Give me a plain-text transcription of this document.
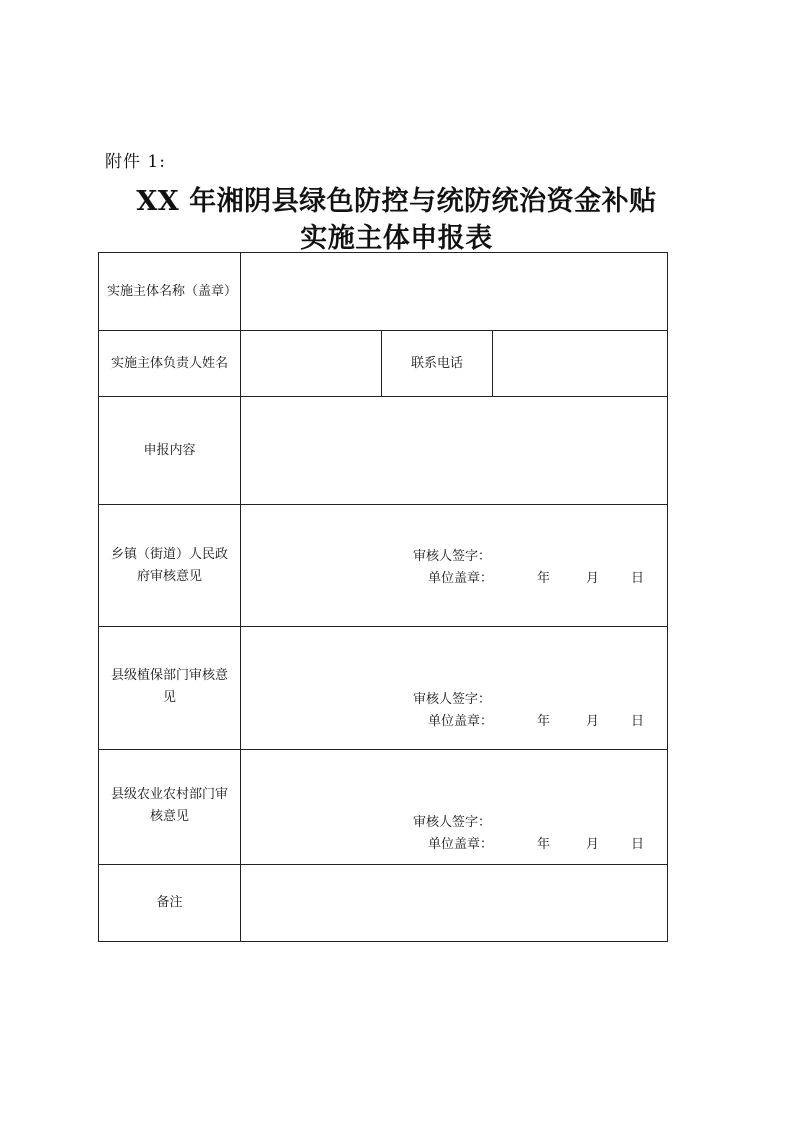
附件 1:
XX 年湘阴县绿色防控与统防统治资金补贴
实施主体申报表
实施主体名称（盖章）			
实施主体负责人姓名		联系电话	
申报内容			

乡镇（街道）人民政府审核意见	审核人签字：
单位盖章： 年 月 日		

县级植保部门审核意见	审核人签字：
单位盖章： 年 月 日		

县级农业农村部门审核意见	审核人签字：
单位盖章： 年 月 日		

备注			
